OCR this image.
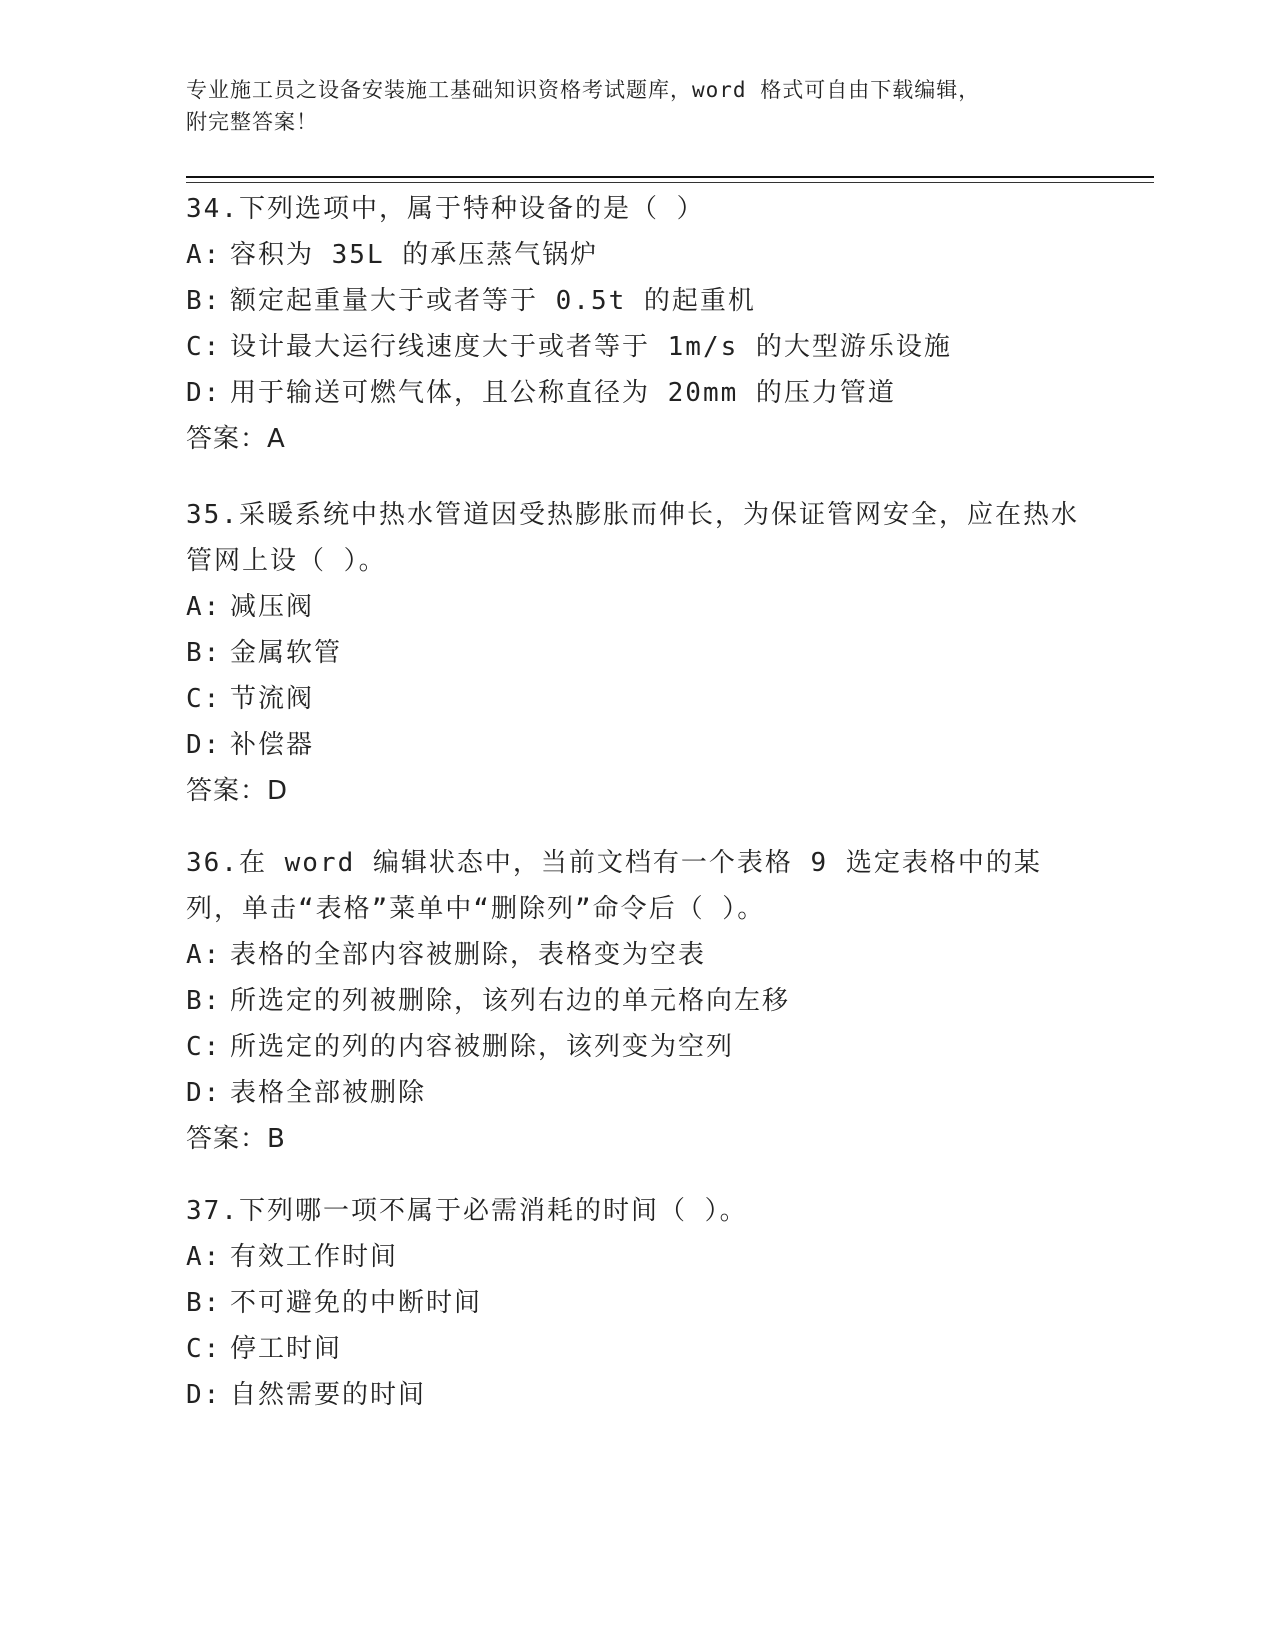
专业施工员之设备安装施工基础知识资格考试题库，word 格式可自由下载编辑，
附完整答案！
34.下列选项中，属于特种设备的是（ ）
A: 容积为 35L 的承压蒸气锅炉
B: 额定起重量大于或者等于 0.5t 的起重机
C: 设计最大运行线速度大于或者等于 1m/s 的大型游乐设施
D: 用于输送可燃气体，且公称直径为 20mm 的压力管道
答案：A
35.采暖系统中热水管道因受热膨胀而伸长，为保证管网安全，应在热水管网上设（ ）。
A: 减压阀
B: 金属软管
C: 节流阀
D: 补偿器
答案：D
36.在 word 编辑状态中，当前文档有一个表格 9 选定表格中的某列，单击“表格”菜单中“删除列”命令后（ ）。
A: 表格的全部内容被删除，表格变为空表
B: 所选定的列被删除，该列右边的单元格向左移
C: 所选定的列的内容被删除，该列变为空列
D: 表格全部被删除
答案：B
37.下列哪一项不属于必需消耗的时间（ ）。
A: 有效工作时间
B: 不可避免的中断时间
C: 停工时间
D: 自然需要的时间
